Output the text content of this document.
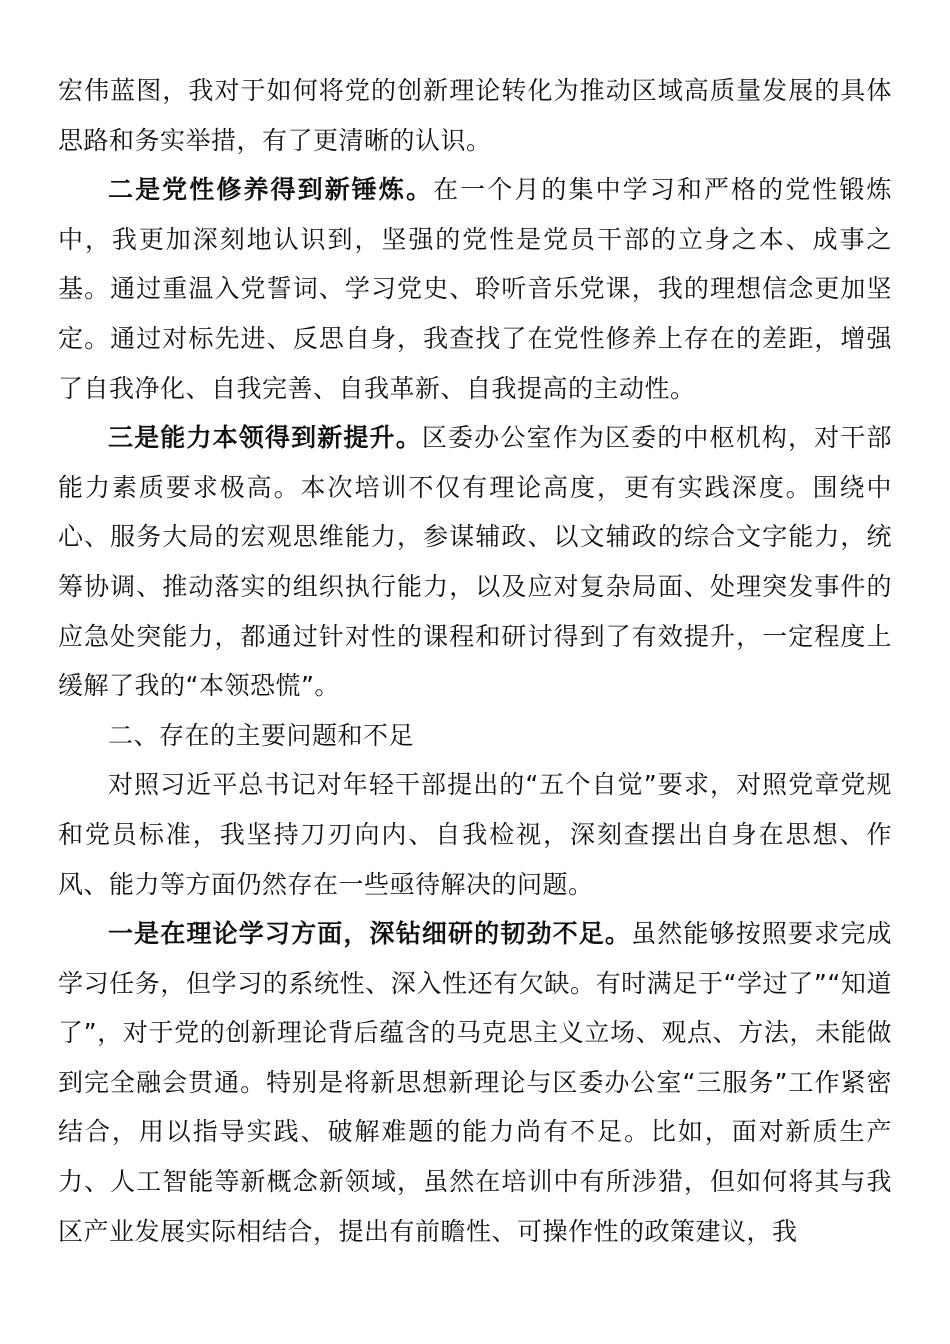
宏伟蓝图，我对于如何将党的创新理论转化为推动区域高质量发展的具体思路和务实举措，有了更清晰的认识。

二是党性修养得到新锤炼。在一个月的集中学习和严格的党性锻炼中，我更加深刻地认识到，坚强的党性是党员干部的立身之本、成事之基。通过重温入党誓词、学习党史、聆听音乐党课，我的理想信念更加坚定。通过对标先进、反思自身，我查找了在党性修养上存在的差距，增强了自我净化、自我完善、自我革新、自我提高的主动性。

三是能力本领得到新提升。区委办公室作为区委的中枢机构，对干部能力素质要求极高。本次培训不仅有理论高度，更有实践深度。围绕中心、服务大局的宏观思维能力，参谋辅政、以文辅政的综合文字能力，统筹协调、推动落实的组织执行能力，以及应对复杂局面、处理突发事件的应急处突能力，都通过针对性的课程和研讨得到了有效提升，一定程度上缓解了我的“本领恐慌”。

二、存在的主要问题和不足

对照习近平总书记对年轻干部提出的“五个自觉”要求，对照党章党规和党员标准，我坚持刀刃向内、自我检视，深刻查摆出自身在思想、作风、能力等方面仍然存在一些亟待解决的问题。

一是在理论学习方面，深钻细研的韧劲不足。虽然能够按照要求完成学习任务，但学习的系统性、深入性还有欠缺。有时满足于“学过了”“知道了”，对于党的创新理论背后蕴含的马克思主义立场、观点、方法，未能做到完全融会贯通。特别是将新思想新理论与区委办公室“三服务”工作紧密结合，用以指导实践、破解难题的能力尚有不足。比如，面对新质生产力、人工智能等新概念新领域，虽然在培训中有所涉猎，但如何将其与我区产业发展实际相结合，提出有前瞻性、可操作性的政策建议，我
